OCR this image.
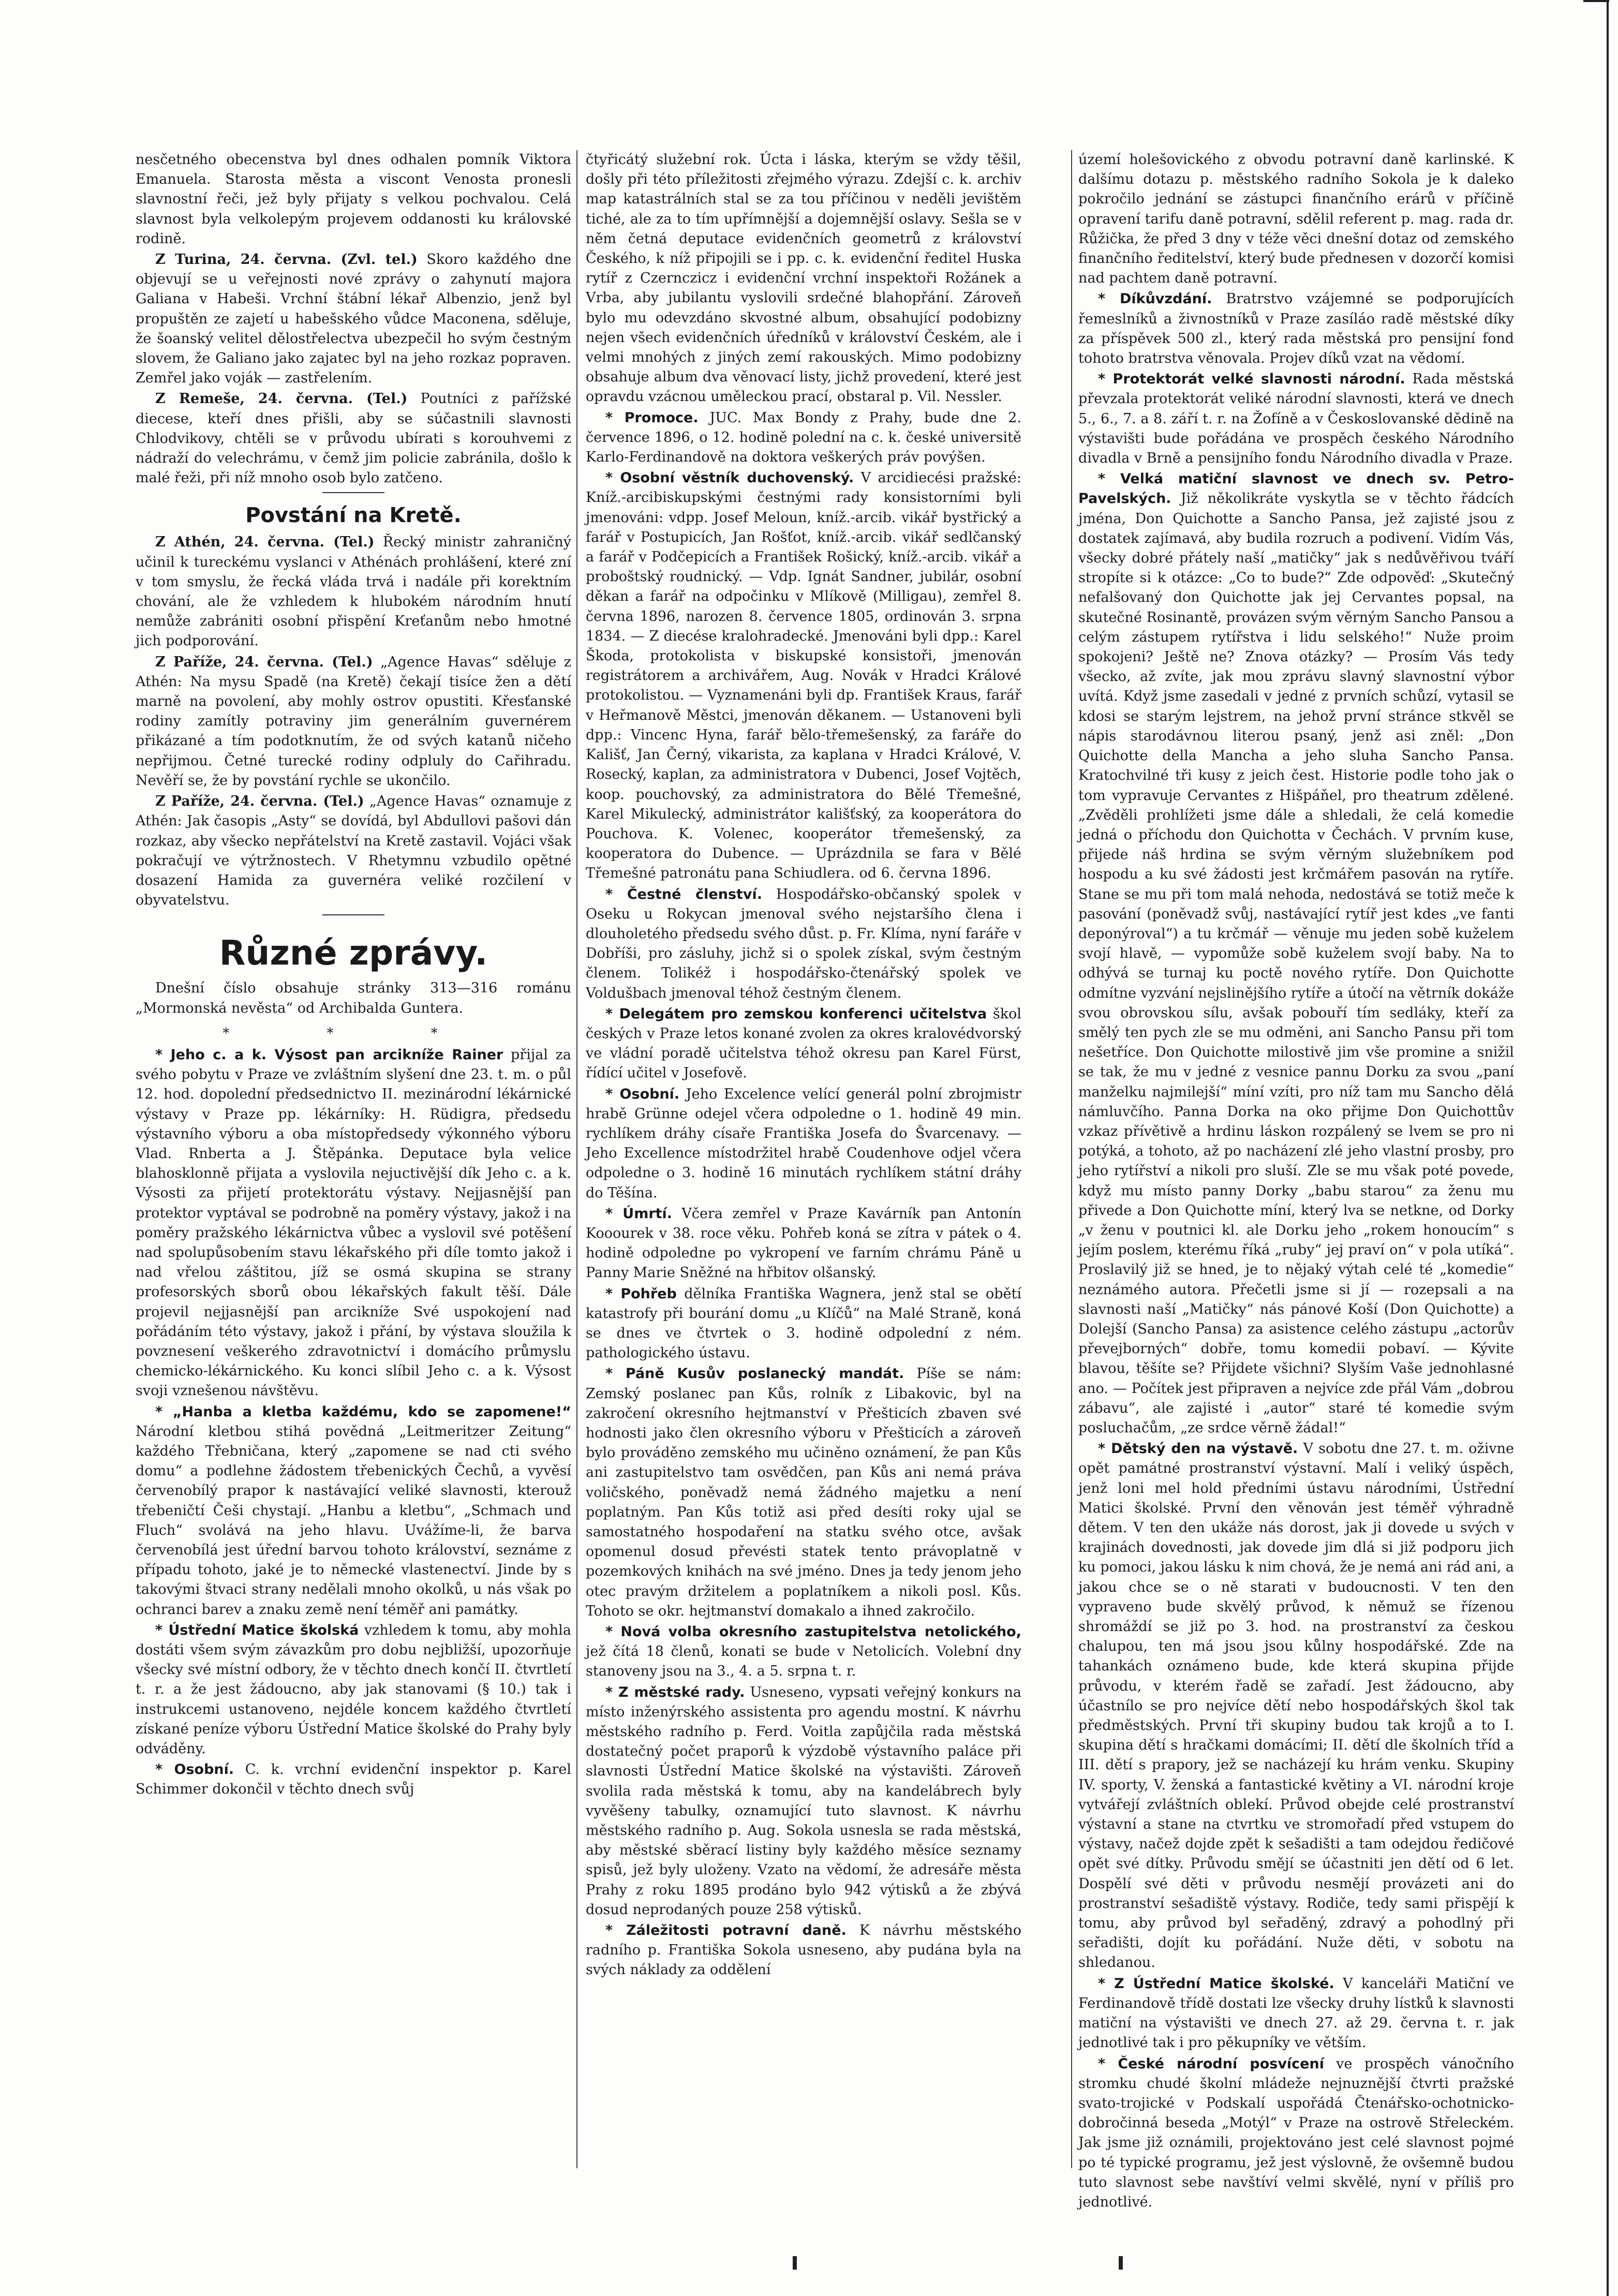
nesčetného obecenstva byl dnes odhalen pomník Viktora Emanuela. Starosta města a viscont Venosta pronesli slavnostní řeči, jež byly přijaty s velkou pochvalou. Celá slavnost byla velkolepým projevem oddanosti ku královské rodině.

Z Turina, 24. června. (Zvl. tel.) Skoro každého dne objevují se u veřejnosti nové zprávy o zahynutí majora Galiana v Habeši. Vrchní štábní lékař Albenzio, jenž byl propuštěn ze zajetí u habešského vůdce Maconena, sděluje, že šoanský velitel dělostřelectva ubezpečil ho svým čestným slovem, že Galiano jako zajatec byl na jeho rozkaz popraven. Zemřel jako voják — zastřelením.

Z Remeše, 24. června. (Tel.) Poutníci z pařížské diecese, kteří dnes přišli, aby se súčastnili slavnosti Chlodvikovy, chtěli se v průvodu ubírati s korouhvemi z nádraží do velechrámu, v čemž jim policie zabránila, došlo k malé řeži, při níž mnoho osob bylo zatčeno.

Povstání na Kretě.

Z Athén, 24. června. (Tel.) Řecký ministr zahraničný učinil k tureckému vyslanci v Athénách prohlášení, které zní v tom smyslu, že řecká vláda trvá i nadále při korektním chování, ale že vzhledem k hlubokém národním hnutí nemůže zabrániti osobní přispění Kreťanům nebo hmotné jich podporování.

Z Paříže, 24. června. (Tel.) „Agence Havas“ sděluje z Athén: Na mysu Spadě (na Kretě) čekají tisíce žen a dětí marně na povolení, aby mohly ostrov opustiti. Křesťanské rodiny zamítly potraviny jim generálním guvernérem přikázané a tím podotknutím, že od svých katanů ničeho nepřijmou. Četné turecké rodiny odpluly do Cařihradu. Nevěří se, že by povstání rychle se ukončilo.

Z Paříže, 24. června. (Tel.) „Agence Havas“ oznamuje z Athén: Jak časopis „Asty“ se dovídá, byl Abdullovi pašovi dán rozkaz, aby všecko nepřátelství na Kretě zastavil. Vojáci však pokračují ve výtržnostech. V Rhetymnu vzbudilo opětné dosazení Hamida za guvernéra veliké rozčilení v obyvatelstvu.

Různé zprávy.

Dnešní číslo obsahuje stránky 313—316 románu „Mormonská nevěsta“ od Archibalda Guntera.

* * *

* Jeho c. a k. Výsost pan arcikníže Rainer přijal za svého pobytu v Praze ve zvláštním slyšení dne 23. t. m. o půl 12. hod. dopolední předsednictvo II. mezinárodní lékárnické výstavy v Praze pp. lékárníky: H. Rüdigra, předsedu výstavního výboru a oba místopředsedy výkonného výboru Vlad. Rnberta a J. Štěpánka. Deputace byla velice blahosklonně přijata a vyslovila nejuctivější dík Jeho c. a k. Výsosti za přijetí protektorátu výstavy. Nejjasnější pan protektor vyptával se podrobně na poměry výstavy, jakož i na poměry pražského lékárnictva vůbec a vyslovil své potěšení nad spolupůsobením stavu lékařského při díle tomto jakož i nad vřelou záštitou, jíž se osmá skupina se strany profesorských sborů obou lékařských fakult těší. Dále projevil nejjasnější pan arcikníže Své uspokojení nad pořádáním této výstavy, jakož i přání, by výstava sloužila k povznesení veškerého zdravotnictví i domácího průmyslu chemicko-lékárnického. Ku konci slíbil Jeho c. a k. Výsost svoji vznešenou návštěvu.

* „Hanba a kletba každému, kdo se zapomene!“ Národní kletbou stihá povědná „Leitmeritzer Zeitung“ každého Třebničana, který „zapomene se nad cti svého domu“ a podlehne žádostem třebenických Čechů, a vyvěsí červenobílý prapor k nastávající veliké slavnosti, kterouž třebeničtí Češi chystají. „Hanbu a kletbu“, „Schmach und Fluch“ svolává na jeho hlavu. Uvážíme-li, že barva červenobílá jest úřední barvou tohoto království, seznáme z případu tohoto, jaké je to německé vlastenectví. Jinde by s takovými štvaci strany nedělali mnoho okolků, u nás však po ochranci barev a znaku země není téměř ani památky.

* Ústřední Matice školská vzhledem k tomu, aby mohla dostáti všem svým závazkům pro dobu nejbližší, upozorňuje všecky své místní odbory, že v těchto dnech končí II. čtvrtletí t. r. a že jest žádoucno, aby jak stanovami (§ 10.) tak i instrukcemi ustanoveno, nejdéle koncem každého čtvrtletí získané peníze výboru Ústřední Matice školské do Prahy byly odváděny.

* Osobní. C. k. vrchní evidenční inspektor p. Karel Schimmer dokončil v těchto dnech svůj

čtyřicátý služební rok. Úcta i láska, kterým se vždy těšil, došly při této příležitosti zřejmého výrazu. Zdejší c. k. archiv map katastrálních stal se za tou příčinou v neděli jevištěm tiché, ale za to tím upřímnější a dojemnější oslavy. Sešla se v něm četná deputace evidenčních geometrů z království Českého, k níž připojili se i pp. c. k. evidenční ředitel Huska rytíř z Czernczicz i evidenční vrchní inspektoři Rožánek a Vrba, aby jubilantu vyslovili srdečné blahopřání. Zároveň bylo mu odevzdáno skvostné album, obsahující podobizny nejen všech evidenčních úředníků v království Českém, ale i velmi mnohých z jiných zemí rakouských. Mimo podobizny obsahuje album dva věnovací listy, jichž provedení, které jest opravdu vzácnou uměleckou prací, obstaral p. Vil. Nessler.

* Promoce. JUC. Max Bondy z Prahy, bude dne 2. července 1896, o 12. hodině polední na c. k. české universitě Karlo-Ferdinandově na doktora veškerých práv povýšen.

* Osobní věstník duchovenský. V arcidiecési pražské: Kníž.-arcibiskupskými čestnými rady konsistorními byli jmenováni: vdpp. Josef Meloun, kníž.-arcib. vikář bystřický a farář v Postupicích, Jan Rošťot, kníž.-arcib. vikář sedlčanský a farář v Podčepicích a František Rošický, kníž.-arcib. vikář a proboštský roudnický. — Vdp. Ignát Sandner, jubilár, osobní děkan a farář na odpočinku v Mlíkově (Milligau), zemřel 8. června 1896, narozen 8. července 1805, ordinován 3. srpna 1834. — Z diecése kralohradecké. Jmenováni byli dpp.: Karel Škoda, protokolista v biskupské konsistoři, jmenován registrátorem a archivářem, Aug. Novák v Hradci Králové protokolistou. — Vyznamenáni byli dp. František Kraus, farář v Heřmanově Městci, jmenován děkanem. — Ustanoveni byli dpp.: Vincenc Hyna, farář bělo-třemešenský, za faráře do Kališť, Jan Černý, vikaristа, za kaplana v Hradci Králové, V. Rosecký, kaplan, za administratora v Dubenci, Josef Vojtěch, koop. pouchovský, za administratora do Bělé Třemešné, Karel Mikulecký, administrátor kališťský, za kooperátora do Pouchova. K. Volenec, kooperátor třemešenský, za kooperatora do Dubence. — Uprázdnila se fara v Bělé Třemešné patronátu pana Schiudlera. od 6. června 1896.

* Čestné členství. Hospodářsko-občanský spolek v Oseku u Rokycan jmenoval svého nejstaršího člena i dlouholetého předsedu svého důst. p. Fr. Klíma, nyní faráře v Dobříši, pro zásluhy, jichž si o spolek získal, svým čestným členem. Tolikéž i hospodářsko-čtenářský spolek ve Voldušbach jmenoval téhož čestným členem.

* Delegátem pro zemskou konferenci učitelstva škol českých v Praze letos konané zvolen za okres kralovédvorský ve vládní poradě učitelstva téhož okresu pan Karel Fürst, řídící učitel v Josefově.

* Osobní. Jeho Excelence velící generál polní zbrojmistr hrabě Grünne odejel včera odpoledne o 1. hodině 49 min. rychlíkem dráhy císaře Františka Josefa do Švarcenavy. — Jeho Excellence místodržitel hrabě Coudenhove odjel včera odpoledne o 3. hodině 16 minutách rychlíkem státní dráhy do Těšína.

* Úmrtí. Včera zemřel v Praze Kavárník pan Antonín Kooourek v 38. roce věku. Pohřeb koná se zítra v pátek o 4. hodině odpoledne po vykropení ve farním chrámu Páně u Panny Marie Sněžné na hřbitov olšanský.

* Pohřeb dělníka Františka Wagnera, jenž stal se obětí katastrofy při bourání domu „u Klíčů“ na Malé Straně, koná se dnes ve čtvrtek o 3. hodině odpolední z ném. pathologického ústavu.

* Páně Kusův poslanecký mandát. Píše se nám: Zemský poslanec pan Kůs, rolník z Libakovic, byl na zakročení okresního hejtmanství v Přešticích zbaven své hodnosti jako člen okresního výboru v Přešticích a zároveň bylo prováděno zemského mu učiněno oznámení, že pan Kůs ani zastupitelstvo tam osvědčen, pan Kůs ani nemá práva voličského, poněvadž nemá žádného majetku a není poplatným. Pan Kůs totiž asi před desíti roky ujal se samostatného hospodaření na statku svého otce, avšak opomenul dosud převésti statek tento právoplatně v pozemkových knihách na své jméno. Dnes ja tedy jenom jeho otec pravým držitelem a poplatníkem a nikoli posl. Kůs. Tohoto se okr. hejtmanství domakalo a ihned zakročilo.

* Nová volba okresního zastupitelstva netolického, jež čítá 18 členů, konati se bude v Netolicích. Volební dny stanoveny jsou na 3., 4. a 5. srpna t. r.

* Z městské rady. Usneseno, vypsati veřejný konkurs na místo inženýrského assistenta pro agendu mostní. K návrhu městského radního p. Ferd. Voitla zapůjčila rada městská dostatečný počet praporů k výzdobě výstavního paláce při slavnosti Ústřední Matice školské na výstavišti. Zároveň svolila rada městská k tomu, aby na kandelábrech byly vyvěšeny tabulky, oznamující tuto slavnost. K návrhu městského radního p. Aug. Sokola usnesla se rada městská, aby městské sběrací listiny byly každého měsíce seznamy spisů, jež byly uloženy. Vzato na vědomí, že adresáře města Prahy z roku 1895 prodáno bylo 942 výtisků a že zbývá dosud neprodaných pouze 258 výtisků.

* Záležitosti potravní daně. K návrhu městského radního p. Františka Sokola usneseno, aby pudána byla na svých náklady za oddělení

území holešovického z obvodu potravní daně karlinské. K dalšímu dotazu p. městského radního Sokola je k daleko pokročilo jednání se zástupci finančního erárů v příčině opravení tarifu daně potravní, sdělil referent p. mag. rada dr. Růžička, že před 3 dny v téže věci dnešní dotaz od zemského finančního ředitelství, který bude přednesen v dozorčí komisi nad pachtem daně potravní.

* Díkůvzdání. Bratrstvo vzájemné se podporujících řemeslníků a živnostníků v Praze zasíláo radě městské díky za příspěvek 500 zl., který rada městská pro pensijní fond tohoto bratrstva věnovala. Projev díků vzat na vědomí.

* Protektorát velké slavnosti národní. Rada městská převzala protektorát veliké národní slavnosti, která ve dnech 5., 6., 7. a 8. září t. r. na Žofíně a v Českoslovanské dědině na výstavišti bude pořádána ve prospěch českého Národního divadla v Brně a pensijního fondu Národního divadla v Praze.

* Velká matiční slavnost ve dnech sv. Petro-Pavelských. Již několikráte vyskytla se v těchto řádcích jména, Don Quichotte a Sancho Pansa, jež zajisté jsou z dostatek zajímavá, aby budila rozruch a podivení. Vidím Vás, všecky dobré přátely naší „matičky“ jak s nedůvěřivou tváří stropíte si k otázce: „Co to bude?“ Zde odpověď: „Skutečný nefalšovaný don Quichotte jak jej Cervantes popsal, na skutečné Rosinantě, provázen svým věrným Sancho Pansou a celým zástupem rytířstva i lidu selského!“ Nuže proim spokojeni? Ještě ne? Znova otázky? — Prosím Vás tedy všecko, až zvíte, jak mou zprávu slavný slavnostní výbor uvítá. Když jsme zasedali v jedné z prvních schůzí, vytasil se kdosi se starým lejstrem, na jehož první stránce stkvěl se nápis starodávnou literou psaný, jenž asi zněl: „Don Quichotte della Mancha a jeho sluha Sancho Pansa. Kratochvilné tři kusy z jeich čest. Historie podle toho jak o tom vypravuje Cervantes z Hišpáňel, pro theatrum zdělené. „Zvěděli prohlížeti jsme dále a shledali, že celá komedie jedná o příchodu don Quichotta v Čechách. V prvním kuse, přijede náš hrdina se svým věrným služebníkem pod hospodu a ku své žádosti jest krčmářem pasován na rytíře. Stane se mu při tom malá nehoda, nedostává se totiž meče k pasování (poněvadž svůj, nastávající rytíř jest kdes „ve fanti deponýroval“) a tu krčmář — věnuje mu jeden sobě kuželem svojí hlavě, — vypomůže sobě kuželem svojí baby. Na to odhývá se turnaj ku poctě nového rytíře. Don Quichotte odmítne vyzvání nejslinějšího rytíře a útočí na větrník dokáže svou obrovskou sílu, avšak pobouří tím sedláky, kteří za smělý ten pych zle se mu odměni, ani Sancho Pansu při tom nešetříce. Don Quichotte milostivě jim vše promine a snižil se tak, že mu v jedné z vesnice pannu Dorku za svou „paní manželku najmilejší“ míní vzíti, pro níž tam mu Sancho dělá námluvčího. Panna Dorka na oko přijme Don Quichottův vzkaz přívětivě a hrdinu láskon rozpálený se lvem se pro ni potýká, a tohoto, až po nacházení zlé jeho vlastní prosby, pro jeho rytířství a nikoli pro sluší. Zle se mu však poté povede, když mu místo panny Dorky „babu starou“ za ženu mu přivede a Don Quichotte míní, který lva se netkne, od Dorky „v ženu v poutnici kl. ale Dorku jeho „rokem honoucím“ s jejím poslem, kterému říká „ruby“ jej praví on“ v pola utíká“. Proslavilý již se hned, je to nějaký výtah celé té „komedie“ neznámého autora. Přečetli jsme si jí — rozepsali a na slavnosti naší „Matičky“ nás pánové Koší (Don Quichotte) a Dolejší (Sancho Pansa) za asistence celého zástupu „actorův převejborných“ dobře, tomu komedii pobaví. — Kývite blavou, těšíte se? Přijdete všichni? Slyším Vaše jednohlasné ano. — Počítek jest připraven a nejvíce zde přál Vám „dobrou zábavu“, ale zajisté i „autor“ staré té komedie svým posluchačům, „ze srdce věrně žádal!“

* Dětský den na výstavě. V sobotu dne 27. t. m. oživne opět památné prostranství výstavní. Malí i veliký úspěch, jenž loni mel hold předními ústavu národními, Ústřední Matici školské. První den věnován jest téměř výhradně dětem. V ten den ukáže nás dorost, jak ji dovede u svých v krajinách dovednosti, jak dovede jim dlá si již podporu jich ku pomoci, jakou lásku k nim chová, že je nemá ani rád ani, a jakou chce se o ně starati v budoucnosti. V ten den vypraveno bude skvělý průvod, k němuž se řízenou shromáždí se již po 3. hod. na prostranství za českou chalupou, ten má jsou jsou kůlny hospodářské. Zde na tahankách oznámeno bude, kde která skupina přijde průvodu, v kterém řadě se zařadí. Jest žádoucno, aby účastnílo se pro nejvíce dětí nebo hospodářských škol tak předměstských. První tři skupiny budou tak krojů a to I. skupina dětí s hračkami domácími; II. dětí dle školních tříd a III. dětí s prapory, jež se nacházejí ku hrám venku. Skupiny IV. sporty, V. ženská a fantastické květiny a VI. národní kroje vytvářejí zvláštních oblekí. Průvod obejde celé prostranství výstavní a stane na ctvrtku ve stromořadí před vstupem do výstavy, načež dojde zpět k sešadišti a tam odejdou ředičové opět své dítky. Průvodu smějí se účastniti jen dětí od 6 let. Dospělí své děti v průvodu nesmějí provázeti ani do prostranství sešadiště výstavy. Rodiče, tedy sami přispějí k tomu, aby průvod byl seřaděný, zdravý a pohodlný při seřadišti, dojít ku pořádání. Nuže děti, v sobotu na shledanou.

* Z Ústřední Matice školské. V kanceláři Matiční ve Ferdinandově třídě dostati lze všecky druhy lístků k slavnosti matiční na výstavišti ve dnech 27. až 29. června t. r. jak jednotlivé tak i pro pěkupníky ve větším.

* České národní posvícení ve prospěch vánočního stromku chudé školní mládeže nejnuznější čtvrti pražské svato-trojické v Podskalí uspořádá Čtenářsko-ochotnicko-dobročinná beseda „Motýl“ v Praze na ostrově Střeleckém. Jak jsme již oznámili, projektováno jest celé slavnost pojmé po té typické programu, jež jest výslovně, že ovšemně budou tuto slavnost sebe navštíví velmi skvělé, nyní v příliš pro jednotlivé.
